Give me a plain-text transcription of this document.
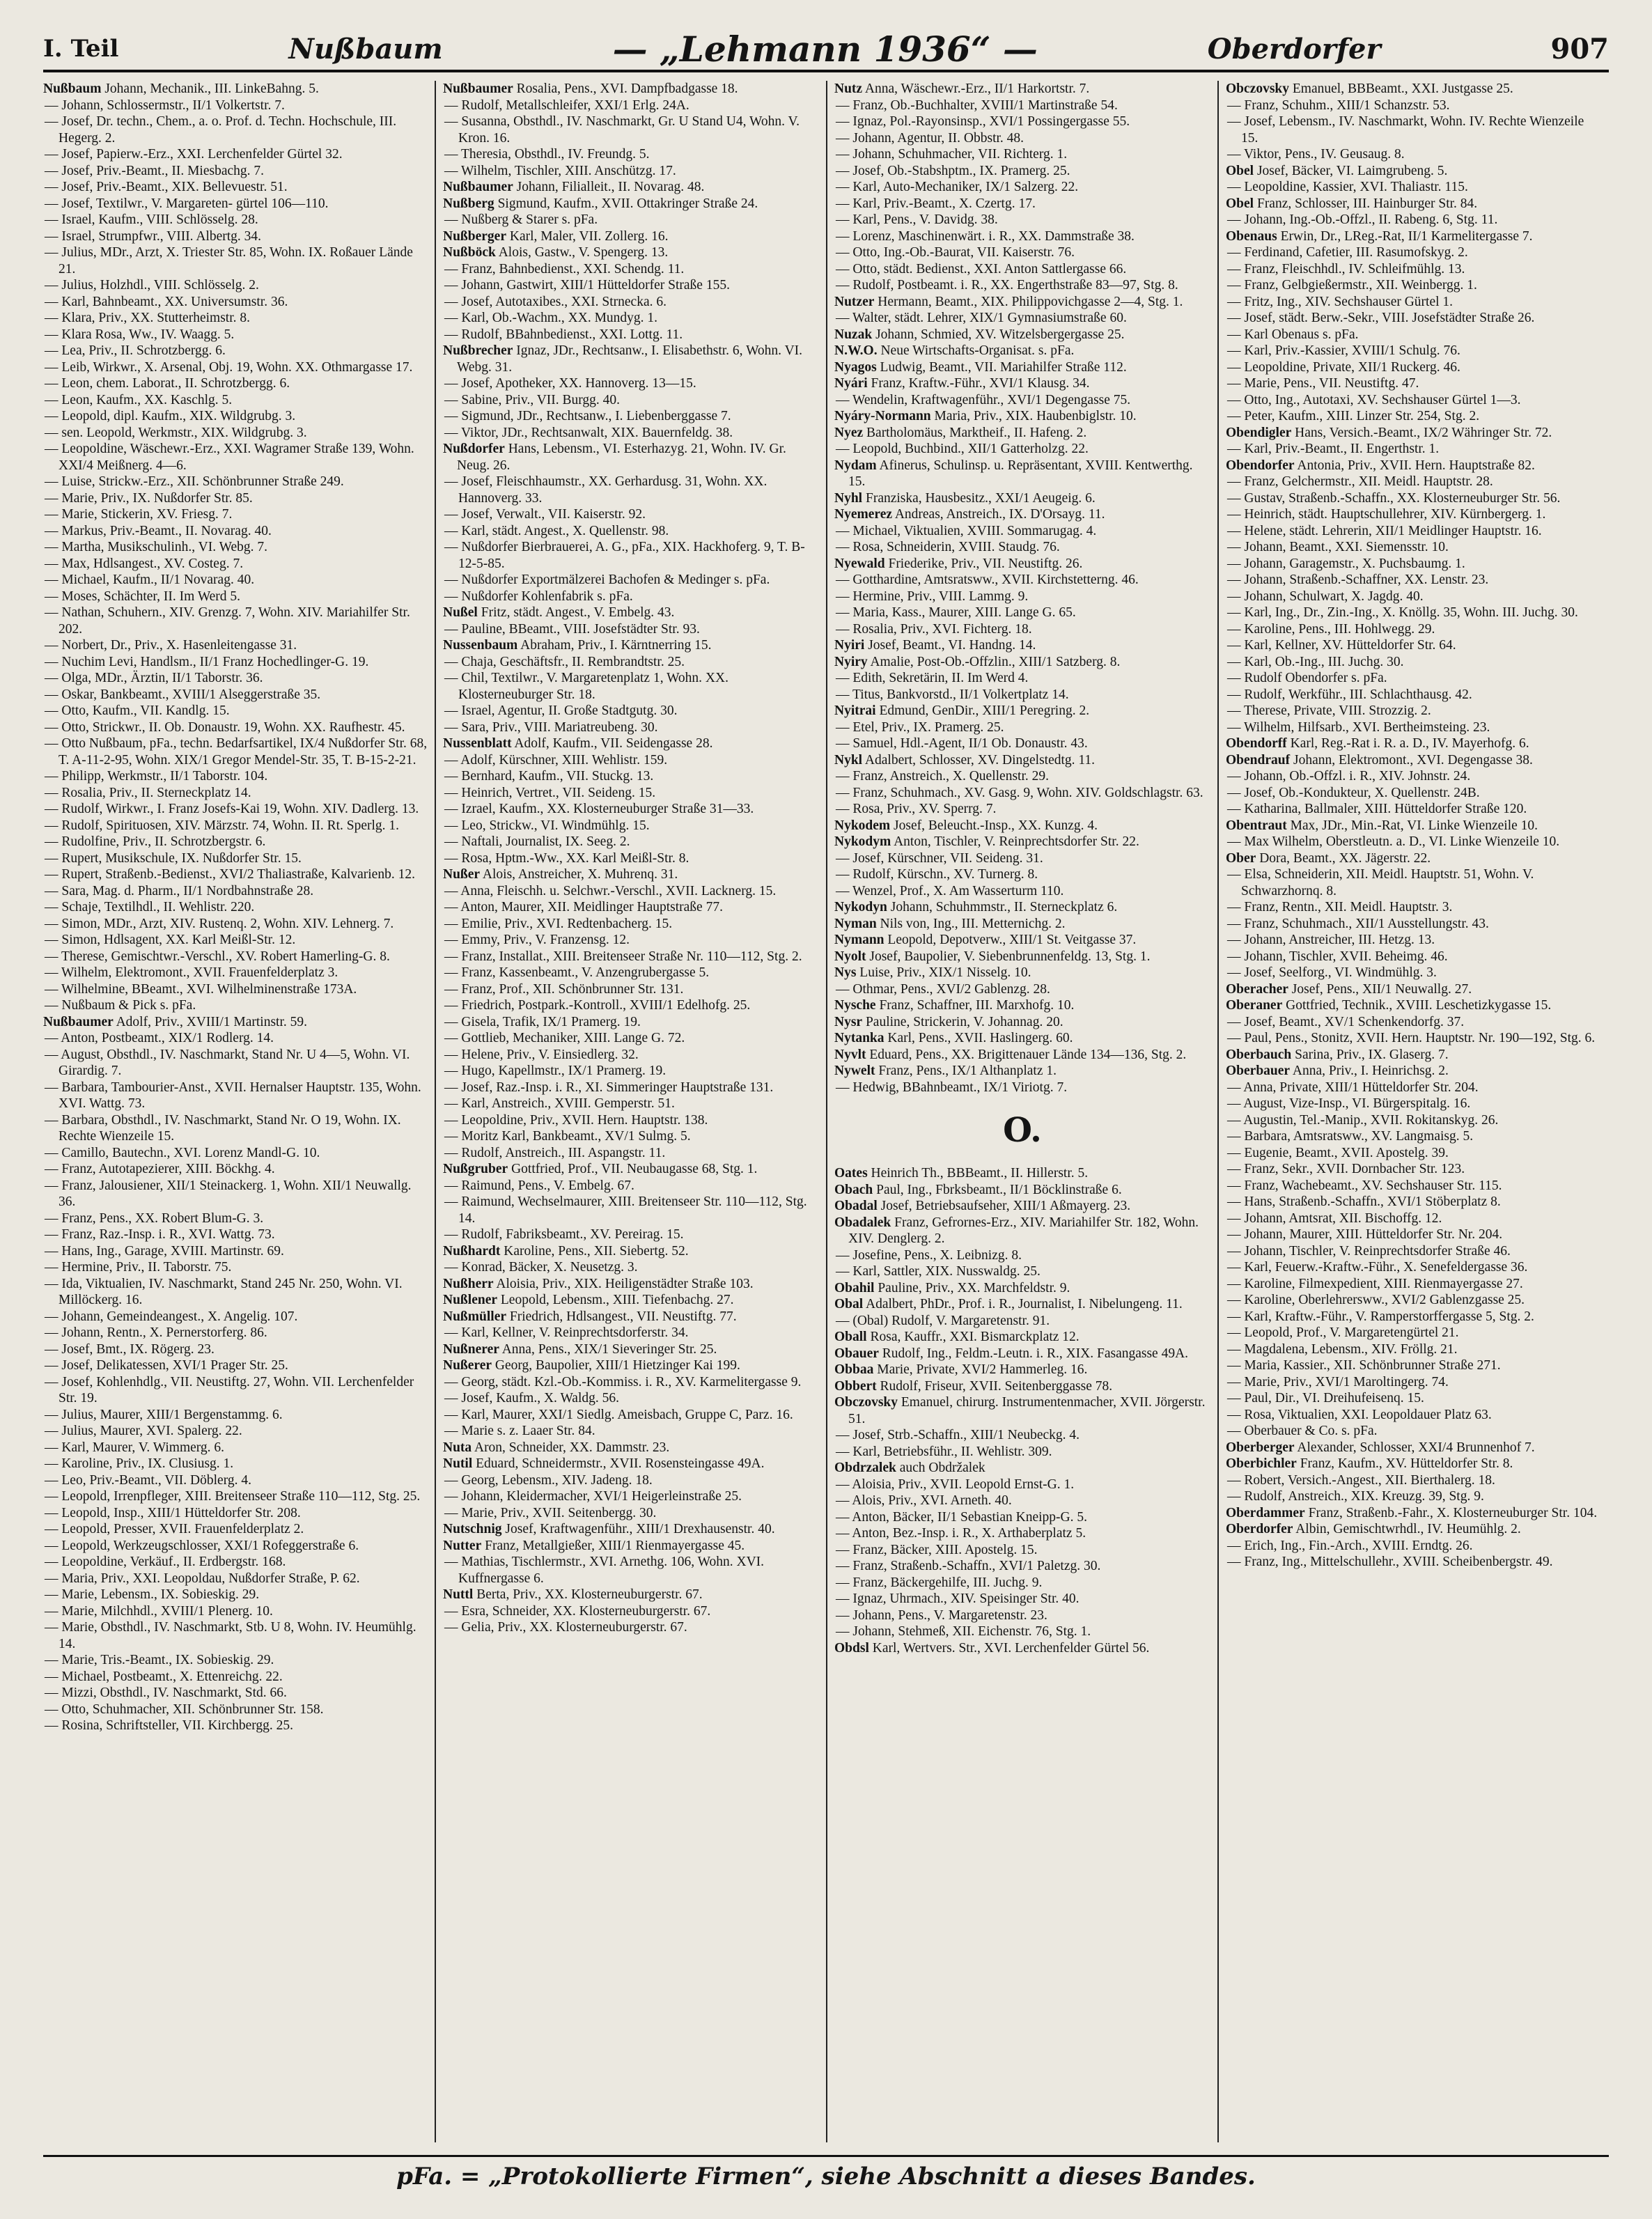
I. Teil	Nußbaum	— „Lehmann 1936“ —	Oberdorfer	907

Nußbaum Johann, Mechanik., III. LinkeBahng. 5.

— Johann, Schlossermstr., II/1 Volkertstr. 7.

— Josef, Dr. techn., Chem., a. o. Prof. d. Techn. Hochschule, III. Hegerg. 2.

— Josef, Papierw.-Erz., XXI. Lerchenfelder Gürtel 32.

— Josef, Priv.-Beamt., II. Miesbachg. 7.

— Josef, Priv.-Beamt., XIX. Bellevuestr. 51.

— Josef, Textilwr., V. Margareten- gürtel 106—110.

— Israel, Kaufm., VIII. Schlösselg. 28.

— Israel, Strumpfwr., VIII. Albertg. 34.

— Julius, MDr., Arzt, X. Triester Str. 85, Wohn. IX. Roßauer Lände 21.

— Julius, Holzhdl., VIII. Schlösselg. 2.

— Karl, Bahnbeamt., XX. Universumstr. 36.

— Klara, Priv., XX. Stutterheimstr. 8.

— Klara Rosa, Ww., IV. Waagg. 5.

— Lea, Priv., II. Schrotzbergg. 6.

— Leib, Wirkwr., X. Arsenal, Obj. 19, Wohn. XX. Othmargasse 17.

— Leon, chem. Laborat., II. Schrotzbergg. 6.

— Leon, Kaufm., XX. Kaschlg. 5.

— Leopold, dipl. Kaufm., XIX. Wildgrubg. 3.

— sen. Leopold, Werkmstr., XIX. Wildgrubg. 3.

— Leopoldine, Wäschewr.-Erz., XXI. Wagramer Straße 139, Wohn. XXI/4 Meißnerg. 4—6.

— Luise, Strickw.-Erz., XII. Schönbrunner Straße 249.

— Marie, Priv., IX. Nußdorfer Str. 85.

— Marie, Stickerin, XV. Friesg. 7.

— Markus, Priv.-Beamt., II. Novarag. 40.

— Martha, Musikschulinh., VI. Webg. 7.

— Max, Hdlsangest., XV. Costeg. 7.

— Michael, Kaufm., II/1 Novarag. 40.

— Moses, Schächter, II. Im Werd 5.

— Nathan, Schuhern., XIV. Grenzg. 7, Wohn. XIV. Mariahilfer Str. 202.

— Norbert, Dr., Priv., X. Hasenleitengasse 31.

— Nuchim Levi, Handlsm., II/1 Franz Hochedlinger-G. 19.

— Olga, MDr., Ärztin, II/1 Taborstr. 36.

— Oskar, Bankbeamt., XVIII/1 Alseggerstraße 35.

— Otto, Kaufm., VII. Kandlg. 15.

— Otto, Strickwr., II. Ob. Donaustr. 19, Wohn. XX. Raufhestr. 45.

— Otto Nußbaum, pFa., techn. Bedarfsartikel, IX/4 Nußdorfer Str. 68, T. A-11-2-95, Wohn. XIX/1 Gregor Mendel-Str. 35, T. B-15-2-21.

— Philipp, Werkmstr., II/1 Taborstr. 104.

— Rosalia, Priv., II. Sterneckplatz 14.

— Rudolf, Wirkwr., I. Franz Josefs-Kai 19, Wohn. XIV. Dadlerg. 13.

— Rudolf, Spirituosen, XIV. Märzstr. 74, Wohn. II. Rt. Sperlg. 1.

— Rudolfine, Priv., II. Schrotzbergstr. 6.

— Rupert, Musikschule, IX. Nußdorfer Str. 15.

— Rupert, Straßenb.-Bedienst., XVI/2 Thaliastraße, Kalvarienb. 12.

— Sara, Mag. d. Pharm., II/1 Nordbahnstraße 28.

— Schaje, Textilhdl., II. Wehlistr. 220.

— Simon, MDr., Arzt, XIV. Rustenq. 2, Wohn. XIV. Lehnerg. 7.

— Simon, Hdlsagent, XX. Karl Meißl-Str. 12.

— Therese, Gemischtwr.-Verschl., XV. Robert Hamerling-G. 8.

— Wilhelm, Elektromont., XVII. Frauenfelderplatz 3.

— Wilhelmine, BBeamt., XVI. Wilhelminenstraße 173A.

— Nußbaum & Pick s. pFa.

Nußbaumer Adolf, Priv., XVIII/1 Martinstr. 59.

— Anton, Postbeamt., XIX/1 Rodlerg. 14.

— August, Obsthdl., IV. Naschmarkt, Stand Nr. U 4—5, Wohn. VI. Girardig. 7.

— Barbara, Tambourier-Anst., XVII. Hernalser Hauptstr. 135, Wohn. XVI. Wattg. 73.

— Barbara, Obsthdl., IV. Naschmarkt, Stand Nr. O 19, Wohn. IX. Rechte Wienzeile 15.

— Camillo, Bautechn., XVI. Lorenz Mandl-G. 10.

— Franz, Autotapezierer, XIII. Böckhg. 4.

— Franz, Jalousiener, XII/1 Steinackerg. 1, Wohn. XII/1 Neuwallg. 36.

— Franz, Pens., XX. Robert Blum-G. 3.

— Franz, Raz.-Insp. i. R., XVI. Wattg. 73.

— Hans, Ing., Garage, XVIII. Martinstr. 69.

— Hermine, Priv., II. Taborstr. 75.

— Ida, Viktualien, IV. Naschmarkt, Stand 245 Nr. 250, Wohn. VI. Millöckerg. 16.

— Johann, Gemeindeangest., X. Angelig. 107.

— Johann, Rentn., X. Pernerstorferg. 86.

— Josef, Bmt., IX. Rögerg. 23.

— Josef, Delikatessen, XVI/1 Prager Str. 25.

— Josef, Kohlenhdlg., VII. Neustiftg. 27, Wohn. VII. Lerchenfelder Str. 19.

— Julius, Maurer, XIII/1 Bergenstammg. 6.

— Julius, Maurer, XVI. Spalerg. 22.

— Karl, Maurer, V. Wimmerg. 6.

— Karoline, Priv., IX. Clusiusg. 1.

— Leo, Priv.-Beamt., VII. Döblerg. 4.

— Leopold, Irrenpfleger, XIII. Breitenseer Straße 110—112, Stg. 25.

— Leopold, Insp., XIII/1 Hütteldorfer Str. 208.

— Leopold, Presser, XVII. Frauenfelderplatz 2.

— Leopold, Werkzeugschlosser, XXI/1 Rofeggerstraße 6.

— Leopoldine, Verkäuf., II. Erdbergstr. 168.

— Maria, Priv., XXI. Leopoldau, Nußdorfer Straße, P. 62.

— Marie, Lebensm., IX. Sobieskig. 29.

— Marie, Milchhdl., XVIII/1 Plenerg. 10.

— Marie, Obsthdl., IV. Naschmarkt, Stb. U 8, Wohn. IV. Heumühlg. 14.

— Marie, Tris.-Beamt., IX. Sobieskig. 29.

— Michael, Postbeamt., X. Ettenreichg. 22.

— Mizzi, Obsthdl., IV. Naschmarkt, Std. 66.

— Otto, Schuhmacher, XII. Schönbrunner Str. 158.

— Rosina, Schriftsteller, VII. Kirchbergg. 25.

Nußbaumer Rosalia, Pens., XVI. Dampfbadgasse 18.

— Rudolf, Metallschleifer, XXI/1 Erlg. 24A.

— Susanna, Obsthdl., IV. Naschmarkt, Gr. U Stand U4, Wohn. V. Kron. 16.

— Theresia, Obsthdl., IV. Freundg. 5.

— Wilhelm, Tischler, XIII. Anschützg. 17.

Nußbaumer Johann, Filialleit., II. Novarag. 48.

Nußberg Sigmund, Kaufm., XVII. Ottakringer Straße 24.

— Nußberg & Starer s. pFa.

Nußberger Karl, Maler, VII. Zollerg. 16.

Nußböck Alois, Gastw., V. Spengerg. 13.

— Franz, Bahnbedienst., XXI. Schendg. 11.

— Johann, Gastwirt, XIII/1 Hütteldorfer Straße 155.

— Josef, Autotaxibes., XXI. Strnecka. 6.

— Karl, Ob.-Wachm., XX. Mundyg. 1.

— Rudolf, BBahnbedienst., XXI. Lottg. 11.

Nußbrecher Ignaz, JDr., Rechtsanw., I. Elisabethstr. 6, Wohn. VI. Webg. 31.

— Josef, Apotheker, XX. Hannoverg. 13—15.

— Sabine, Priv., VII. Burgg. 40.

— Sigmund, JDr., Rechtsanw., I. Liebenberggasse 7.

— Viktor, JDr., Rechtsanwalt, XIX. Bauernfeldg. 38.

Nußdorfer Hans, Lebensm., VI. Esterhazyg. 21, Wohn. IV. Gr. Neug. 26.

— Josef, Fleischhaumstr., XX. Gerhardusg. 31, Wohn. XX. Hannoverg. 33.

— Josef, Verwalt., VII. Kaiserstr. 92.

— Karl, städt. Angest., X. Quellenstr. 98.

— Nußdorfer Bierbrauerei, A. G., pFa., XIX. Hackhoferg. 9, T. B-12-5-85.

— Nußdorfer Exportmälzerei Bachofen & Medinger s. pFa.

— Nußdorfer Kohlenfabrik s. pFa.

Nußel Fritz, städt. Angest., V. Embelg. 43.

— Pauline, BBeamt., VIII. Josefstädter Str. 93.

Nussenbaum Abraham, Priv., I. Kärntnerring 15.

— Chaja, Geschäftsfr., II. Rembrandtstr. 25.

— Chil, Textilwr., V. Margaretenplatz 1, Wohn. XX. Klosterneuburger Str. 18.

— Israel, Agentur, II. Große Stadtgutg. 30.

— Sara, Priv., VIII. Mariatreubeng. 30.

Nussenblatt Adolf, Kaufm., VII. Seidengasse 28.

— Adolf, Kürschner, XIII. Wehlistr. 159.

— Bernhard, Kaufm., VII. Stuckg. 13.

— Heinrich, Vertret., VII. Seideng. 15.

— Izrael, Kaufm., XX. Klosterneuburger Straße 31—33.

— Leo, Strickw., VI. Windmühlg. 15.

— Naftali, Journalist, IX. Seeg. 2.

— Rosa, Hptm.-Ww., XX. Karl Meißl-Str. 8.

Nußer Alois, Anstreicher, X. Muhrenq. 31.

— Anna, Fleischh. u. Selchwr.-Verschl., XVII. Lacknerg. 15.

— Anton, Maurer, XII. Meidlinger Hauptstraße 77.

— Emilie, Priv., XVI. Redtenbacherg. 15.

— Emmy, Priv., V. Franzensg. 12.

— Franz, Installat., XIII. Breitenseer Straße Nr. 110—112, Stg. 2.

— Franz, Kassenbeamt., V. Anzengrubergasse 5.

— Franz, Prof., XII. Schönbrunner Str. 131.

— Friedrich, Postpark.-Kontroll., XVIII/1 Edelhofg. 25.

— Gisela, Trafik, IX/1 Pramerg. 19.

— Gottlieb, Mechaniker, XIII. Lange G. 72.

— Helene, Priv., V. Einsiedlerg. 32.

— Hugo, Kapellmstr., IX/1 Pramerg. 19.

— Josef, Raz.-Insp. i. R., XI. Simmeringer Hauptstraße 131.

— Karl, Anstreich., XVIII. Gemperstr. 51.

— Leopoldine, Priv., XVII. Hern. Hauptstr. 138.

— Moritz Karl, Bankbeamt., XV/1 Sulmg. 5.

— Rudolf, Anstreich., III. Aspangstr. 11.

Nußgruber Gottfried, Prof., VII. Neubaugasse 68, Stg. 1.

— Raimund, Pens., V. Embelg. 67.

— Raimund, Wechselmaurer, XIII. Breitenseer Str. 110—112, Stg. 14.

— Rudolf, Fabriksbeamt., XV. Pereirag. 15.

Nußhardt Karoline, Pens., XII. Siebertg. 52.

— Konrad, Bäcker, X. Neusetzg. 3.

Nußherr Aloisia, Priv., XIX. Heiligenstädter Straße 103.

Nußlener Leopold, Lebensm., XIII. Tiefenbachg. 27.

Nußmüller Friedrich, Hdlsangest., VII. Neustiftg. 77.

— Karl, Kellner, V. Reinprechtsdorferstr. 34.

Nußnerer Anna, Pens., XIX/1 Sieveringer Str. 25.

Nußerer Georg, Baupolier, XIII/1 Hietzinger Kai 199.

— Georg, städt. Kzl.-Ob.-Kommiss. i. R., XV. Karmelitergasse 9.

— Josef, Kaufm., X. Waldg. 56.

— Karl, Maurer, XXI/1 Siedlg. Ameisbach, Gruppe C, Parz. 16.

— Marie s. z. Laaer Str. 84.

Nuta Aron, Schneider, XX. Dammstr. 23.

Nutil Eduard, Schneidermstr., XVII. Rosensteingasse 49A.

— Georg, Lebensm., XIV. Jadeng. 18.

— Johann, Kleidermacher, XVI/1 Heigerleinstraße 25.

— Marie, Priv., XVII. Seitenbergg. 30.

Nutschnig Josef, Kraftwagenführ., XIII/1 Drexhausenstr. 40.

Nutter Franz, Metallgießer, XIII/1 Rienmayergasse 45.

— Mathias, Tischlermstr., XVI. Arnethg. 106, Wohn. XVI. Kuffnergasse 6.

Nuttl Berta, Priv., XX. Klosterneuburgerstr. 67.

— Esra, Schneider, XX. Klosterneuburgerstr. 67.

— Gelia, Priv., XX. Klosterneuburgerstr. 67.

Nutz Anna, Wäschewr.-Erz., II/1 Harkortstr. 7.

— Franz, Ob.-Buchhalter, XVIII/1 Martinstraße 54.

— Ignaz, Pol.-Rayonsinsp., XVI/1 Possingergasse 55.

— Johann, Agentur, II. Obbstr. 48.

— Johann, Schuhmacher, VII. Richterg. 1.

— Josef, Ob.-Stabshptm., IX. Pramerg. 25.

— Karl, Auto-Mechaniker, IX/1 Salzerg. 22.

— Karl, Priv.-Beamt., X. Czertg. 17.

— Karl, Pens., V. Davidg. 38.

— Lorenz, Maschinenwärt. i. R., XX. Dammstraße 38.

— Otto, Ing.-Ob.-Baurat, VII. Kaiserstr. 76.

— Otto, städt. Bedienst., XXI. Anton Sattlergasse 66.

— Rudolf, Postbeamt. i. R., XX. Engerthstraße 83—97, Stg. 8.

Nutzer Hermann, Beamt., XIX. Philippovichgasse 2—4, Stg. 1.

— Walter, städt. Lehrer, XIX/1 Gymnasiumstraße 60.

Nuzak Johann, Schmied, XV. Witzelsbergergasse 25.

N.W.O. Neue Wirtschafts-Organisat. s. pFa.

Nyagos Ludwig, Beamt., VII. Mariahilfer Straße 112.

Nyári Franz, Kraftw.-Führ., XVI/1 Klausg. 34.

— Wendelin, Kraftwagenführ., XVI/1 Degengasse 75.

Nyáry-Normann Maria, Priv., XIX. Haubenbiglstr. 10.

Nyez Bartholomäus, Marktheif., II. Hafeng. 2.

— Leopold, Buchbind., XII/1 Gatterholzg. 22.

Nydam Afinerus, Schulinsp. u. Repräsentant, XVIII. Kentwerthg. 15.

Nyhl Franziska, Hausbesitz., XXI/1 Aeugeig. 6.

Nyemerez Andreas, Anstreich., IX. D'Orsayg. 11.

— Michael, Viktualien, XVIII. Sommarugag. 4.

— Rosa, Schneiderin, XVIII. Staudg. 76.

Nyewald Friederike, Priv., VII. Neustiftg. 26.

— Gotthardine, Amtsratsww., XVII. Kirchstetterng. 46.

— Hermine, Priv., VIII. Lammg. 9.

— Maria, Kass., Maurer, XIII. Lange G. 65.

— Rosalia, Priv., XVI. Fichterg. 18.

Nyiri Josef, Beamt., VI. Handng. 14.

Nyiry Amalie, Post-Ob.-Offzlin., XIII/1 Satzberg. 8.

— Edith, Sekretärin, II. Im Werd 4.

— Titus, Bankvorstd., II/1 Volkertplatz 14.

Nyitrai Edmund, GenDir., XIII/1 Peregring. 2.

— Etel, Priv., IX. Pramerg. 25.

— Samuel, Hdl.-Agent, II/1 Ob. Donaustr. 43.

Nykl Adalbert, Schlosser, XV. Dingelstedtg. 11.

— Franz, Anstreich., X. Quellenstr. 29.

— Franz, Schuhmach., XV. Gasg. 9, Wohn. XIV. Goldschlagstr. 63.

— Rosa, Priv., XV. Sperrg. 7.

Nykodem Josef, Beleucht.-Insp., XX. Kunzg. 4.

Nykodym Anton, Tischler, V. Reinprechtsdorfer Str. 22.

— Josef, Kürschner, VII. Seideng. 31.

— Rudolf, Kürschn., XV. Turnerg. 8.

— Wenzel, Prof., X. Am Wasserturm 110.

Nykodyn Johann, Schuhmmstr., II. Sterneckplatz 6.

Nyman Nils von, Ing., III. Metternichg. 2.

Nymann Leopold, Depotverw., XIII/1 St. Veitgasse 37.

Nyolt Josef, Baupolier, V. Siebenbrunnenfeldg. 13, Stg. 1.

Nys Luise, Priv., XIX/1 Nisselg. 10.

— Othmar, Pens., XVI/2 Gablenzg. 28.

Nysche Franz, Schaffner, III. Marxhofg. 10.

Nysr Pauline, Strickerin, V. Johannag. 20.

Nytanka Karl, Pens., XVII. Haslingerg. 60.

Nyvlt Eduard, Pens., XX. Brigittenauer Lände 134—136, Stg. 2.

Nywelt Franz, Pens., IX/1 Althanplatz 1.

— Hedwig, BBahnbeamt., IX/1 Viriotg. 7.

O.

Oates Heinrich Th., BBBeamt., II. Hillerstr. 5.

Obach Paul, Ing., Fbrksbeamt., II/1 Böcklinstraße 6.

Obadal Josef, Betriebsaufseher, XIII/1 Aßmayerg. 23.

Obadalek Franz, Gefrornes-Erz., XIV. Mariahilfer Str. 182, Wohn. XIV. Denglerg. 2.

— Josefine, Pens., X. Leibnizg. 8.

— Karl, Sattler, XIX. Nusswaldg. 25.

Obahil Pauline, Priv., XX. Marchfeldstr. 9.

Obal Adalbert, PhDr., Prof. i. R., Journalist, I. Nibelungeng. 11.

— (Obal) Rudolf, V. Margaretenstr. 91.

Oball Rosa, Kauffr., XXI. Bismarckplatz 12.

Obauer Rudolf, Ing., Feldm.-Leutn. i. R., XIX. Fasangasse 49A.

Obbaa Marie, Private, XVI/2 Hammerleg. 16.

Obbert Rudolf, Friseur, XVII. Seitenberggasse 78.

Obczovsky Emanuel, chirurg. Instrumentenmacher, XVII. Jörgerstr. 51.

— Josef, Strb.-Schaffn., XIII/1 Neubeckg. 4.

— Karl, Betriebsführ., II. Wehlistr. 309.

Obdrzalek auch Obdržalek

— Aloisia, Priv., XVII. Leopold Ernst-G. 1.

— Alois, Priv., XVI. Arneth. 40.

— Anton, Bäcker, II/1 Sebastian Kneipp-G. 5.

— Anton, Bez.-Insp. i. R., X. Arthaberplatz 5.

— Franz, Bäcker, XIII. Apostelg. 15.

— Franz, Straßenb.-Schaffn., XVI/1 Paletzg. 30.

— Franz, Bäckergehilfe, III. Juchg. 9.

— Ignaz, Uhrmach., XIV. Speisinger Str. 40.

— Johann, Pens., V. Margaretenstr. 23.

— Johann, Stehmeß, XII. Eichenstr. 76, Stg. 1.

Obdsl Karl, Wertvers. Str., XVI. Lerchenfelder Gürtel 56.

Obczovsky Emanuel, BBBeamt., XXI. Justgasse 25.

— Franz, Schuhm., XIII/1 Schanzstr. 53.

— Josef, Lebensm., IV. Naschmarkt, Wohn. IV. Rechte Wienzeile 15.

— Viktor, Pens., IV. Geusaug. 8.

Obel Josef, Bäcker, VI. Laimgrubeng. 5.

— Leopoldine, Kassier, XVI. Thaliastr. 115.

Obel Franz, Schlosser, III. Hainburger Str. 84.

— Johann, Ing.-Ob.-Offzl., II. Rabeng. 6, Stg. 11.

Obenaus Erwin, Dr., LReg.-Rat, II/1 Karmelitergasse 7.

— Ferdinand, Cafetier, III. Rasumofskyg. 2.

— Franz, Fleischhdl., IV. Schleifmühlg. 13.

— Franz, Gelbgießermstr., XII. Weinbergg. 1.

— Fritz, Ing., XIV. Sechshauser Gürtel 1.

— Josef, städt. Berw.-Sekr., VIII. Josefstädter Straße 26.

— Karl Obenaus s. pFa.

— Karl, Priv.-Kassier, XVIII/1 Schulg. 76.

— Leopoldine, Private, XII/1 Ruckerg. 46.

— Marie, Pens., VII. Neustiftg. 47.

— Otto, Ing., Autotaxi, XV. Sechshauser Gürtel 1—3.

— Peter, Kaufm., XIII. Linzer Str. 254, Stg. 2.

Obendigler Hans, Versich.-Beamt., IX/2 Währinger Str. 72.

— Karl, Priv.-Beamt., II. Engerthstr. 1.

Obendorfer Antonia, Priv., XVII. Hern. Hauptstraße 82.

— Franz, Gelchermstr., XII. Meidl. Hauptstr. 28.

— Gustav, Straßenb.-Schaffn., XX. Klosterneuburger Str. 56.

— Heinrich, städt. Hauptschullehrer, XIV. Kürnbergerg. 1.

— Helene, städt. Lehrerin, XII/1 Meidlinger Hauptstr. 16.

— Johann, Beamt., XXI. Siemensstr. 10.

— Johann, Garagemstr., X. Puchsbaumg. 1.

— Johann, Straßenb.-Schaffner, XX. Lenstr. 23.

— Johann, Schulwart, X. Jagdg. 40.

— Karl, Ing., Dr., Zin.-Ing., X. Knöllg. 35, Wohn. III. Juchg. 30.

— Karoline, Pens., III. Hohlwegg. 29.

— Karl, Kellner, XV. Hütteldorfer Str. 64.

— Karl, Ob.-Ing., III. Juchg. 30.

— Rudolf Obendorfer s. pFa.

— Rudolf, Werkführ., III. Schlachthausg. 42.

— Therese, Private, VIII. Strozzig. 2.

— Wilhelm, Hilfsarb., XVI. Bertheimsteing. 23.

Obendorff Karl, Reg.-Rat i. R. a. D., IV. Mayerhofg. 6.

Obendrauf Johann, Elektromont., XVI. Degengasse 38.

— Johann, Ob.-Offzl. i. R., XIV. Johnstr. 24.

— Josef, Ob.-Kondukteur, X. Quellenstr. 24B.

— Katharina, Ballmaler, XIII. Hütteldorfer Straße 120.

Obentraut Max, JDr., Min.-Rat, VI. Linke Wienzeile 10.

— Max Wilhelm, Oberstleutn. a. D., VI. Linke Wienzeile 10.

Ober Dora, Beamt., XX. Jägerstr. 22.

— Elsa, Schneiderin, XII. Meidl. Hauptstr. 51, Wohn. V. Schwarzhornq. 8.

— Franz, Rentn., XII. Meidl. Hauptstr. 3.

— Franz, Schuhmach., XII/1 Ausstellungstr. 43.

— Johann, Anstreicher, III. Hetzg. 13.

— Johann, Tischler, XVII. Beheimg. 46.

— Josef, Seelforg., VI. Windmühlg. 3.

Oberacher Josef, Pens., XII/1 Neuwallg. 27.

Oberaner Gottfried, Technik., XVIII. Leschetizkygasse 15.

— Josef, Beamt., XV/1 Schenkendorfg. 37.

— Paul, Pens., Stonitz, XVII. Hern. Hauptstr. Nr. 190—192, Stg. 6.

Oberbauch Sarina, Priv., IX. Glaserg. 7.

Oberbauer Anna, Priv., I. Heinrichsg. 2.

— Anna, Private, XIII/1 Hütteldorfer Str. 204.

— August, Vize-Insp., VI. Bürgerspitalg. 16.

— Augustin, Tel.-Manip., XVII. Rokitanskyg. 26.

— Barbara, Amtsratsww., XV. Langmaisg. 5.

— Eugenie, Beamt., XVII. Apostelg. 39.

— Franz, Sekr., XVII. Dornbacher Str. 123.

— Franz, Wachebeamt., XV. Sechshauser Str. 115.

— Hans, Straßenb.-Schaffn., XVI/1 Stöberplatz 8.

— Johann, Amtsrat, XII. Bischoffg. 12.

— Johann, Maurer, XIII. Hütteldorfer Str. Nr. 204.

— Johann, Tischler, V. Reinprechtsdorfer Straße 46.

— Karl, Feuerw.-Kraftw.-Führ., X. Senefeldergasse 36.

— Karoline, Filmexpedient, XIII. Rienmayergasse 27.

— Karoline, Oberlehrersww., XVI/2 Gablenzgasse 25.

— Karl, Kraftw.-Führ., V. Ramperstorffergasse 5, Stg. 2.

— Leopold, Prof., V. Margaretengürtel 21.

— Magdalena, Lebensm., XIV. Fröllg. 21.

— Maria, Kassier., XII. Schönbrunner Straße 271.

— Marie, Priv., XVI/1 Maroltingerg. 74.

— Paul, Dir., VI. Dreihufeisenq. 15.

— Rosa, Viktualien, XXI. Leopoldauer Platz 63.

— Oberbauer & Co. s. pFa.

Oberberger Alexander, Schlosser, XXI/4 Brunnenhof 7.

Oberbichler Franz, Kaufm., XV. Hütteldorfer Str. 8.

— Robert, Versich.-Angest., XII. Bierthalerg. 18.

— Rudolf, Anstreich., XIX. Kreuzg. 39, Stg. 9.

Oberdammer Franz, Straßenb.-Fahr., X. Klosterneuburger Str. 104.

Oberdorfer Albin, Gemischtwrhdl., IV. Heumühlg. 2.

— Erich, Ing., Fin.-Arch., XVIII. Erndtg. 26.

— Franz, Ing., Mittelschullehr., XVIII. Scheibenbergstr. 49.

pFa. = „Protokollierte Firmen“, siehe Abschnitt a dieses Bandes.
